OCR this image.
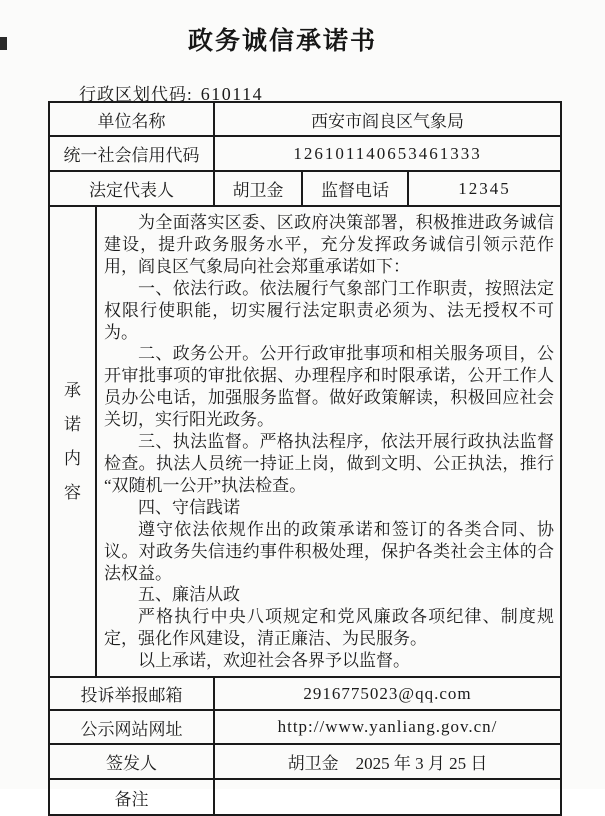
政务诚信承诺书
行政区划代码: 610114
单位名称		西安市阎良区气象局		
统一社会信用代码		126101140653461333		
法定代表人		胡卫金	监督电话	12345

承
诺
内
容

为全面落实区委、区政府决策部署，积极推进政务诚信建设，提升政务服务水平，充分发挥政务诚信引领示范作用，阎良区气象局向社会郑重承诺如下：

一、依法行政。依法履行气象部门工作职责，按照法定权限行使职能，切实履行法定职责必须为、法无授权不可为。

二、政务公开。公开行政审批事项和相关服务项目，公开审批事项的审批依据、办理程序和时限承诺，公开工作人员办公电话，加强服务监督。做好政策解读，积极回应社会关切，实行阳光政务。

三、执法监督。严格执法程序，依法开展行政执法监督检查。执法人员统一持证上岗，做到文明、公正执法，推行“双随机一公开”执法检查。

四、守信践诺

遵守依法依规作出的政策承诺和签订的各类合同、协议。对政务失信违约事件积极处理，保护各类社会主体的合法权益。

五、廉洁从政

严格执行中央八项规定和党风廉政各项纪律、制度规定，强化作风建设，清正廉洁、为民服务。

以上承诺，欢迎社会各界予以监督。

投诉举报邮箱		2916775023@qq.com		
公示网站网址		http://www.yanliang.gov.cn/		
签发人		胡卫金　2025 年 3 月 25 日		
备注				
